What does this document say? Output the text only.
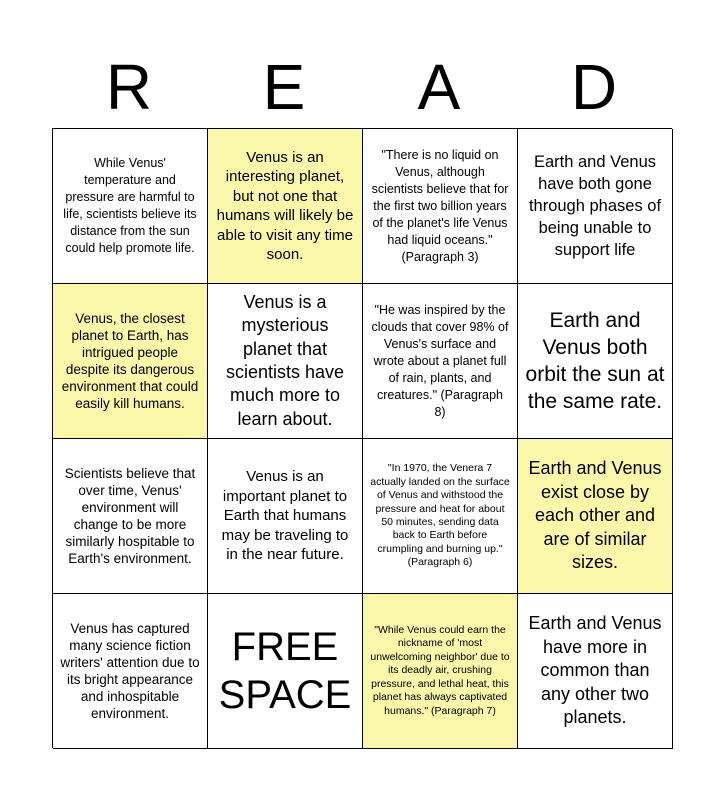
R	E	A	D
While Venus' temperature and pressure are harmful to life, scientists believe its distance from the sun could help promote life.
Venus is an interesting planet, but not one that humans will likely be able to visit any time soon.
"There is no liquid on Venus, although scientists believe that for the first two billion years of the planet's life Venus had liquid oceans." (Paragraph 3)
Earth and Venus have both gone through phases of being unable to support life
Venus, the closest planet to Earth, has intrigued people despite its dangerous environment that could easily kill humans.
Venus is a mysterious planet that scientists have much more to learn about.
"He was inspired by the clouds that cover 98% of Venus's surface and wrote about a planet full of rain, plants, and creatures." (Paragraph 8)
Earth and Venus both orbit the sun at the same rate.
Scientists believe that over time, Venus' environment will change to be more similarly hospitable to Earth's environment.
Venus is an important planet to Earth that humans may be traveling to in the near future.
"In 1970, the Venera 7 actually landed on the surface of Venus and withstood the pressure and heat for about 50 minutes, sending data back to Earth before crumpling and burning up." (Paragraph 6)
Earth and Venus exist close by each other and are of similar sizes.
Venus has captured many science fiction writers' attention due to its bright appearance and inhospitable environment.
FREE SPACE
"While Venus could earn the nickname of 'most unwelcoming neighbor' due to its deadly air, crushing pressure, and lethal heat, this planet has always captivated humans." (Paragraph 7)
Earth and Venus have more in common than any other two planets.
